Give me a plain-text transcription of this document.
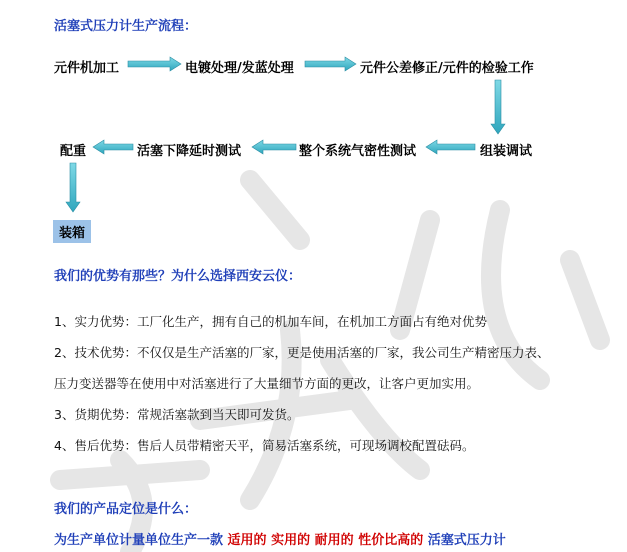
活塞式压力计生产流程：
元件机加工	电镀处理/发蓝处理	元件公差修正/元件的检验工作
组装调试
整个系统气密性测试
活塞下降延时测试
配重
装箱
我们的优势有那些？为什么选择西安云仪：
1、实力优势：工厂化生产，拥有自己的机加车间，在机加工方面占有绝对优势
2、技术优势：不仅仅是生产活塞的厂家，更是使用活塞的厂家，我公司生产精密压力表、
压力变送器等在使用中对活塞进行了大量细节方面的更改，让客户更加实用。
3、货期优势：常规活塞款到当天即可发货。
4、售后优势：售后人员带精密天平，简易活塞系统，可现场调校配置砝码。
我们的产品定位是什么：
为生产单位计量单位生产一款 适用的 实用的 耐用的 性价比高的 活塞式压力计
